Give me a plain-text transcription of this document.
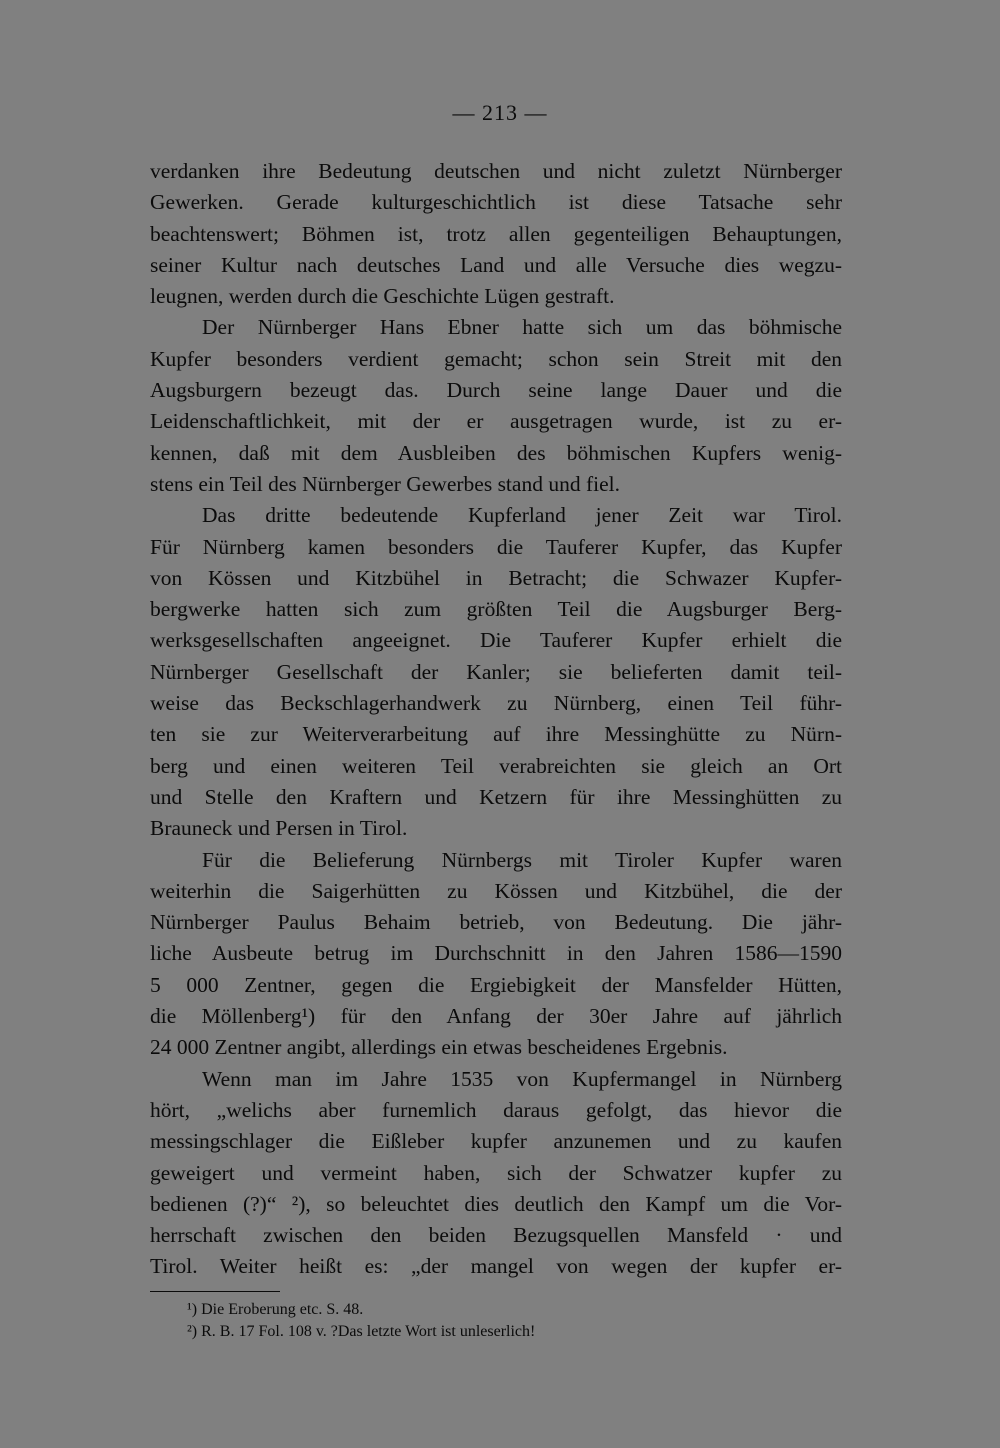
— 213 —
verdanken ihre Bedeutung deutschen und nicht zuletzt Nürnberger
Gewerken. Gerade kulturgeschichtlich ist diese Tatsache sehr
beachtenswert; Böhmen ist, trotz allen gegenteiligen Behauptungen,
seiner Kultur nach deutsches Land und alle Versuche dies wegzu-
leugnen, werden durch die Geschichte Lügen gestraft.
Der Nürnberger Hans Ebner hatte sich um das böhmische
Kupfer besonders verdient gemacht; schon sein Streit mit den
Augsburgern bezeugt das. Durch seine lange Dauer und die
Leidenschaftlichkeit, mit der er ausgetragen wurde, ist zu er-
kennen, daß mit dem Ausbleiben des böhmischen Kupfers wenig-
stens ein Teil des Nürnberger Gewerbes stand und fiel.
Das dritte bedeutende Kupferland jener Zeit war Tirol.
Für Nürnberg kamen besonders die Tauferer Kupfer, das Kupfer
von Kössen und Kitzbühel in Betracht; die Schwazer Kupfer-
bergwerke hatten sich zum größten Teil die Augsburger Berg-
werksgesellschaften angeeignet. Die Tauferer Kupfer erhielt die
Nürnberger Gesellschaft der Kanler; sie belieferten damit teil-
weise das Beckschlagerhandwerk zu Nürnberg, einen Teil führ-
ten sie zur Weiterverarbeitung auf ihre Messinghütte zu Nürn-
berg und einen weiteren Teil verabreichten sie gleich an Ort
und Stelle den Kraftern und Ketzern für ihre Messinghütten zu
Brauneck und Persen in Tirol.
Für die Belieferung Nürnbergs mit Tiroler Kupfer waren
weiterhin die Saigerhütten zu Kössen und Kitzbühel, die der
Nürnberger Paulus Behaim betrieb, von Bedeutung. Die jähr-
liche Ausbeute betrug im Durchschnitt in den Jahren 1586—1590
5 000 Zentner, gegen die Ergiebigkeit der Mansfelder Hütten,
die Möllenberg¹) für den Anfang der 30er Jahre auf jährlich
24 000 Zentner angibt, allerdings ein etwas bescheidenes Ergebnis.
Wenn man im Jahre 1535 von Kupfermangel in Nürnberg
hört, „welichs aber furnemlich daraus gefolgt, das hievor die
messingschlager die Eißleber kupfer anzunemen und zu kaufen
geweigert und vermeint haben, sich der Schwatzer kupfer zu
bedienen (?)“ ²), so beleuchtet dies deutlich den Kampf um die Vor-
herrschaft zwischen den beiden Bezugsquellen Mansfeld · und
Tirol. Weiter heißt es: „der mangel von wegen der kupfer er-
¹) Die Eroberung etc. S. 48.
²) R. B. 17 Fol. 108 v. ?Das letzte Wort ist unleserlich!
